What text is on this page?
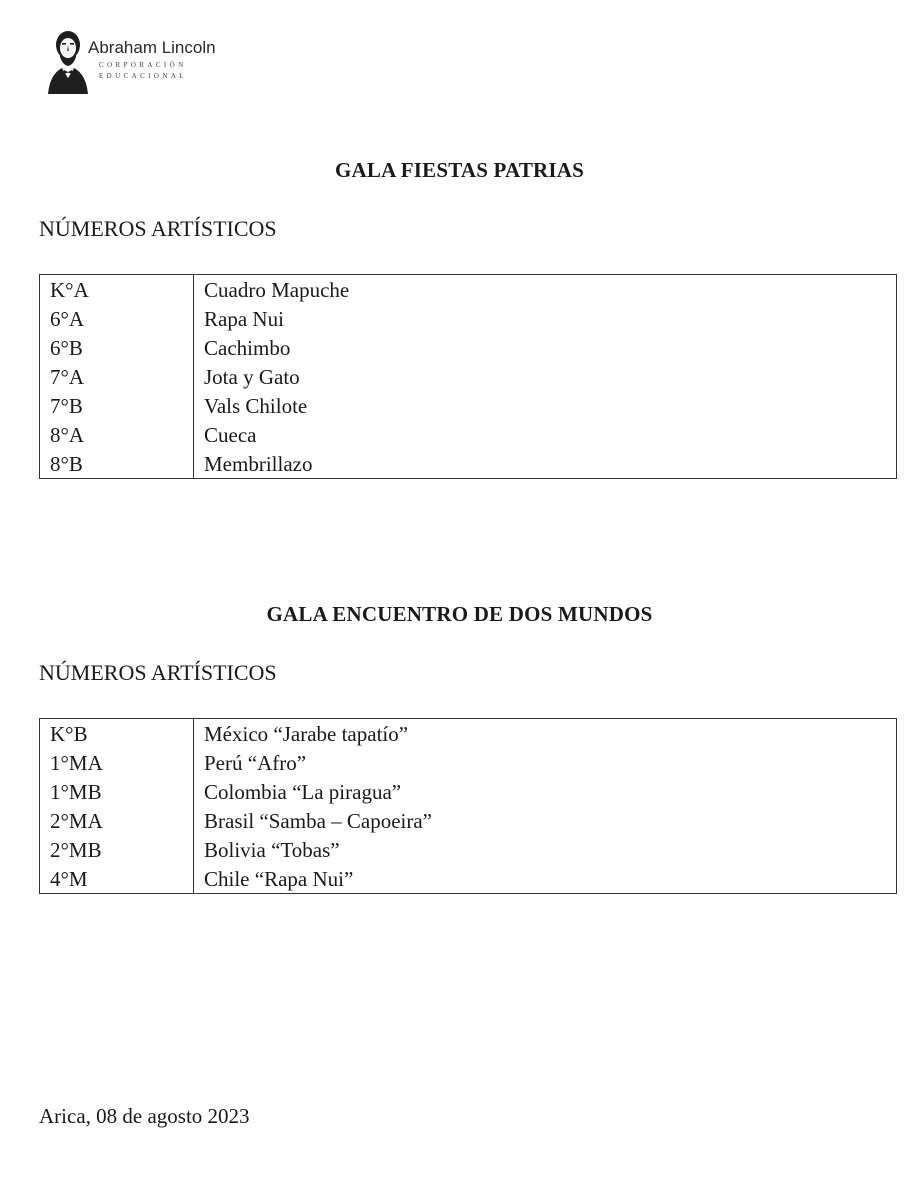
Abraham Lincoln
CORPORACIÓN
EDUCACIONAL
GALA FIESTAS PATRIAS
NÚMEROS ARTÍSTICOS
K°A	Cuadro Mapuche
6°A	Rapa Nui
6°B	Cachimbo
7°A	Jota y Gato
7°B	Vals Chilote
8°A	Cueca
8°B	Membrillazo
GALA ENCUENTRO DE DOS MUNDOS
NÚMEROS ARTÍSTICOS
K°B	México “Jarabe tapatío”
1°MA	Perú “Afro”
1°MB	Colombia “La piragua”
2°MA	Brasil “Samba – Capoeira”
2°MB	Bolivia “Tobas”
4°M	Chile “Rapa Nui”
Arica, 08 de agosto 2023
